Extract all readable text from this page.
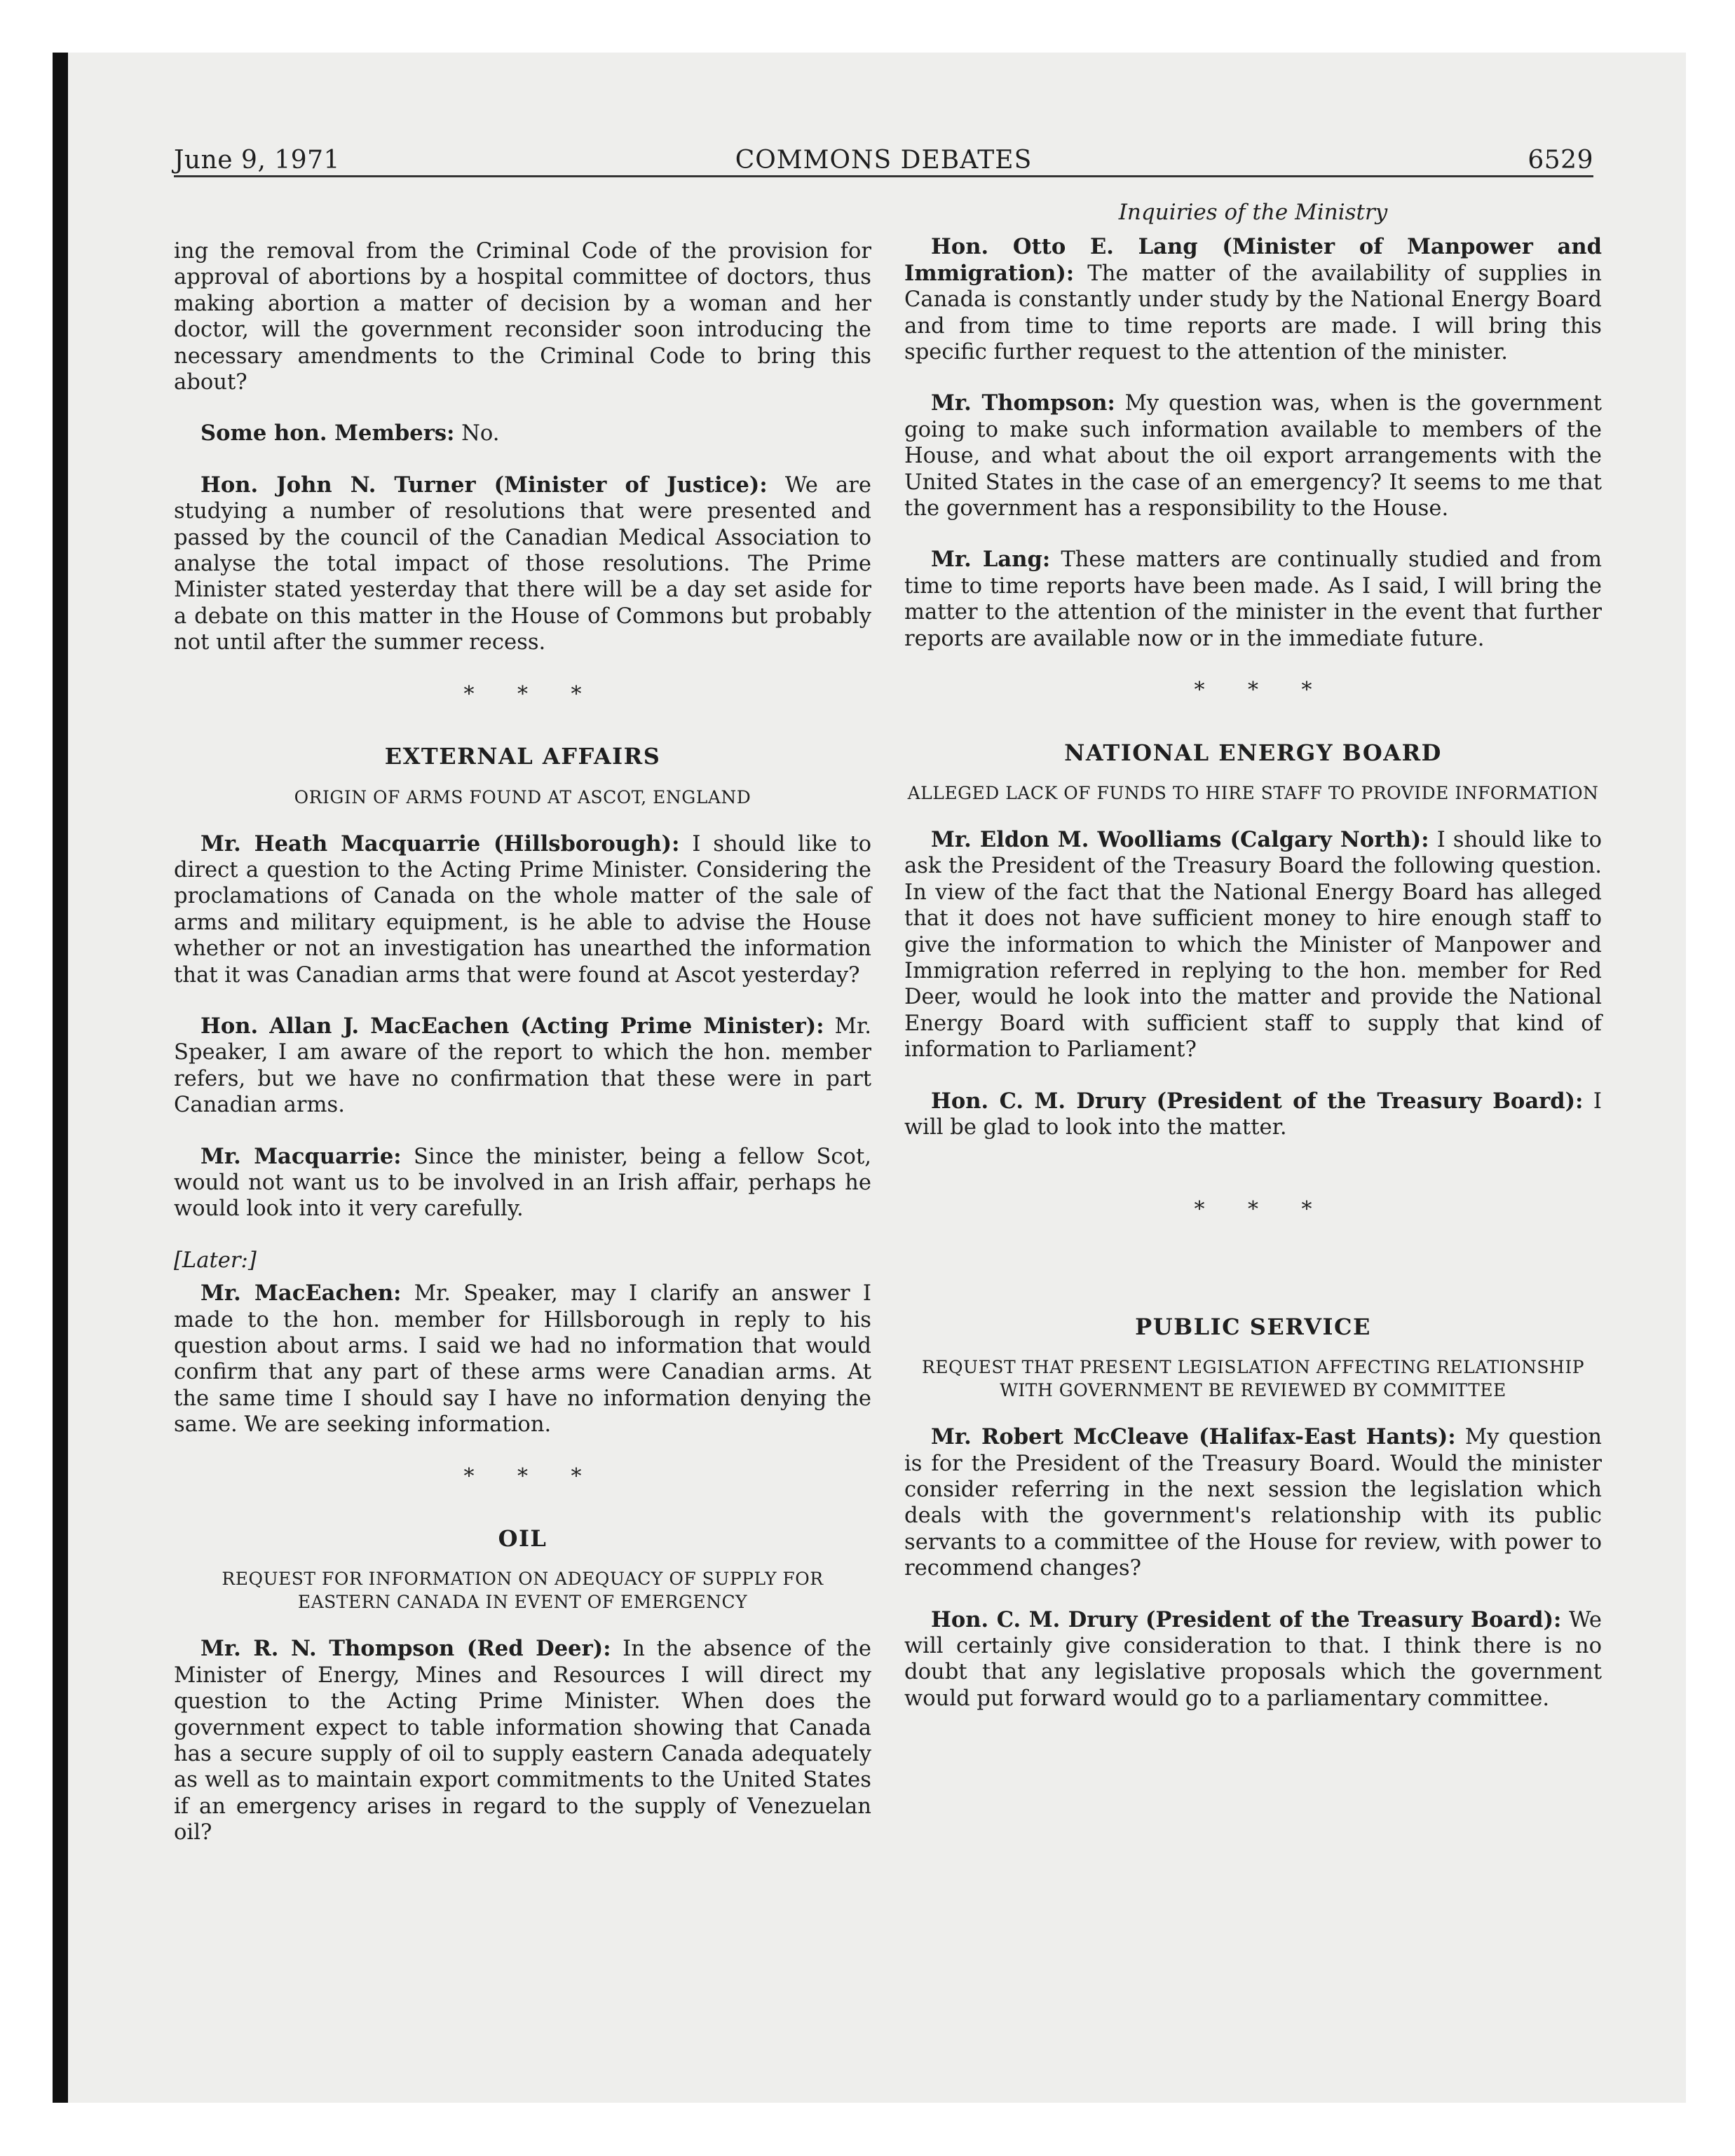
June 9, 1971	COMMONS DEBATES	6529

ing the removal from the Criminal Code of the provision for approval of abortions by a hospital committee of doctors, thus making abortion a matter of decision by a woman and her doctor, will the government reconsider soon introducing the necessary amendments to the Criminal Code to bring this about?

Some hon. Members: No.

Hon. John N. Turner (Minister of Justice): We are studying a number of resolutions that were presented and passed by the council of the Canadian Medical Association to analyse the total impact of those resolutions. The Prime Minister stated yesterday that there will be a day set aside for a debate on this matter in the House of Commons but probably not until after the summer recess.

* * *
EXTERNAL AFFAIRS
ORIGIN OF ARMS FOUND AT ASCOT, ENGLAND

Mr. Heath Macquarrie (Hillsborough): I should like to direct a question to the Acting Prime Minister. Considering the proclamations of Canada on the whole matter of the sale of arms and military equipment, is he able to advise the House whether or not an investigation has unearthed the information that it was Canadian arms that were found at Ascot yesterday?

Hon. Allan J. MacEachen (Acting Prime Minister): Mr. Speaker, I am aware of the report to which the hon. member refers, but we have no confirmation that these were in part Canadian arms.

Mr. Macquarrie: Since the minister, being a fellow Scot, would not want us to be involved in an Irish affair, perhaps he would look into it very carefully.

[Later:]

Mr. MacEachen: Mr. Speaker, may I clarify an answer I made to the hon. member for Hillsborough in reply to his question about arms. I said we had no information that would confirm that any part of these arms were Canadian arms. At the same time I should say I have no information denying the same. We are seeking information.

* * *
OIL
REQUEST FOR INFORMATION ON ADEQUACY OF SUPPLY FOR EASTERN CANADA IN EVENT OF EMERGENCY

Mr. R. N. Thompson (Red Deer): In the absence of the Minister of Energy, Mines and Resources I will direct my question to the Acting Prime Minister. When does the government expect to table information showing that Canada has a secure supply of oil to supply eastern Canada adequately as well as to maintain export commitments to the United States if an emergency arises in regard to the supply of Venezuelan oil?

Inquiries of the Ministry

Hon. Otto E. Lang (Minister of Manpower and Immigration): The matter of the availability of supplies in Canada is constantly under study by the National Energy Board and from time to time reports are made. I will bring this specific further request to the attention of the minister.

Mr. Thompson: My question was, when is the government going to make such information available to members of the House, and what about the oil export arrangements with the United States in the case of an emergency? It seems to me that the government has a responsibility to the House.

Mr. Lang: These matters are continually studied and from time to time reports have been made. As I said, I will bring the matter to the attention of the minister in the event that further reports are available now or in the immediate future.

* * *
NATIONAL ENERGY BOARD
ALLEGED LACK OF FUNDS TO HIRE STAFF TO PROVIDE INFORMATION

Mr. Eldon M. Woolliams (Calgary North): I should like to ask the President of the Treasury Board the following question. In view of the fact that the National Energy Board has alleged that it does not have sufficient money to hire enough staff to give the information to which the Minister of Manpower and Immigration referred in replying to the hon. member for Red Deer, would he look into the matter and provide the National Energy Board with sufficient staff to supply that kind of information to Parliament?

Hon. C. M. Drury (President of the Treasury Board): I will be glad to look into the matter.

* * *
PUBLIC SERVICE
REQUEST THAT PRESENT LEGISLATION AFFECTING RELATIONSHIP WITH GOVERNMENT BE REVIEWED BY COMMITTEE

Mr. Robert McCleave (Halifax-East Hants): My question is for the President of the Treasury Board. Would the minister consider referring in the next session the legislation which deals with the government's relationship with its public servants to a committee of the House for review, with power to recommend changes?

Hon. C. M. Drury (President of the Treasury Board): We will certainly give consideration to that. I think there is no doubt that any legislative proposals which the government would put forward would go to a parliamentary committee.
